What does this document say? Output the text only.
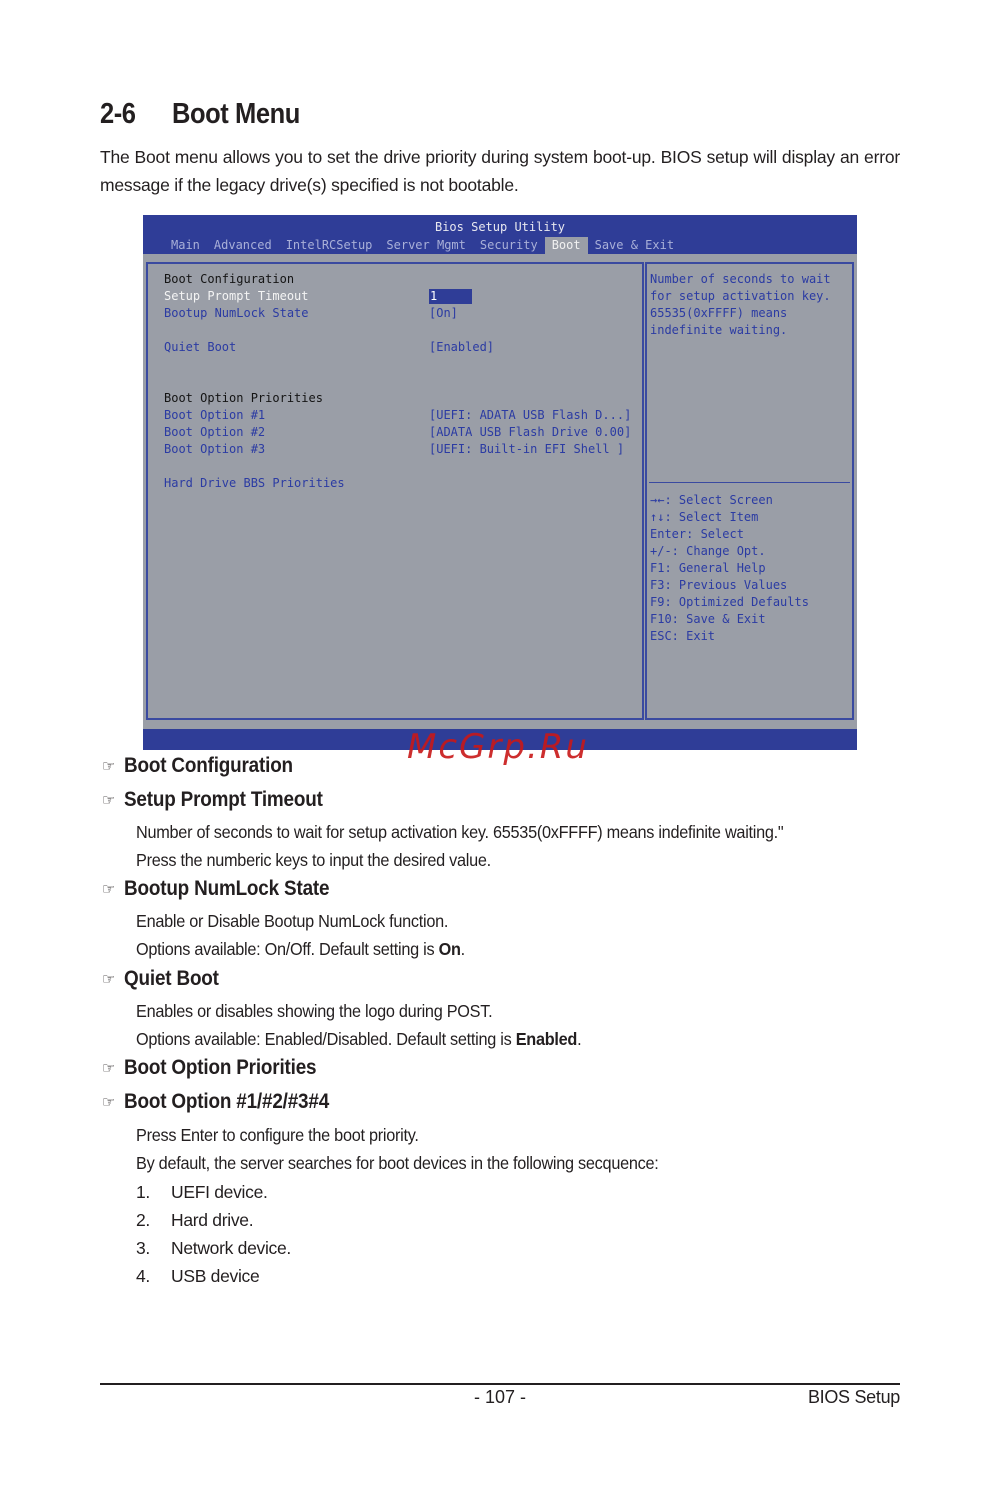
2-6 Boot Menu
The Boot menu allows you to set the drive priority during system boot-up. BIOS setup will display an error
message if the legacy drive(s) specified is not bootable.
Bios Setup Utility
Main	Advanced	IntelRCSetup	Server Mgmt	Security	Boot	Save & Exit
Boot Configuration
Setup Prompt Timeout	1
Bootup NumLock State	[On]
Quiet Boot	[Enabled]
Boot Option Priorities
Boot Option #1	[UEFI: ADATA USB Flash D...]
Boot Option #2	[ADATA USB Flash Drive 0.00]
Boot Option #3	[UEFI: Built-in EFI Shell ]
Hard Drive BBS Priorities
Number of seconds to wait
for setup activation key.
65535(0xFFFF) means
indefinite waiting.
→←: Select Screen
↑↓: Select Item
Enter: Select
+/-: Change Opt.
F1: General Help
F3: Previous Values
F9: Optimized Defaults
F10: Save & Exit
ESC: Exit
McGrp.Ru
☞ Boot Configuration
☞ Setup Prompt Timeout
Number of seconds to wait for setup activation key. 65535(0xFFFF) means indefinite waiting."
Press the numberic keys to input the desired value.
☞ Bootup NumLock State
Enable or Disable Bootup NumLock function.
Options available: On/Off. Default setting is On.
☞ Quiet Boot
Enables or disables showing the logo during POST.
Options available: Enabled/Disabled. Default setting is Enabled.
☞ Boot Option Priorities
☞ Boot Option #1/#2/#3#4
Press Enter to configure the boot priority.
By default, the server searches for boot devices in the following secquence:
1.	UEFI device.
2.	Hard drive.
3.	Network device.
4.	USB device
- 107 -	BIOS Setup
